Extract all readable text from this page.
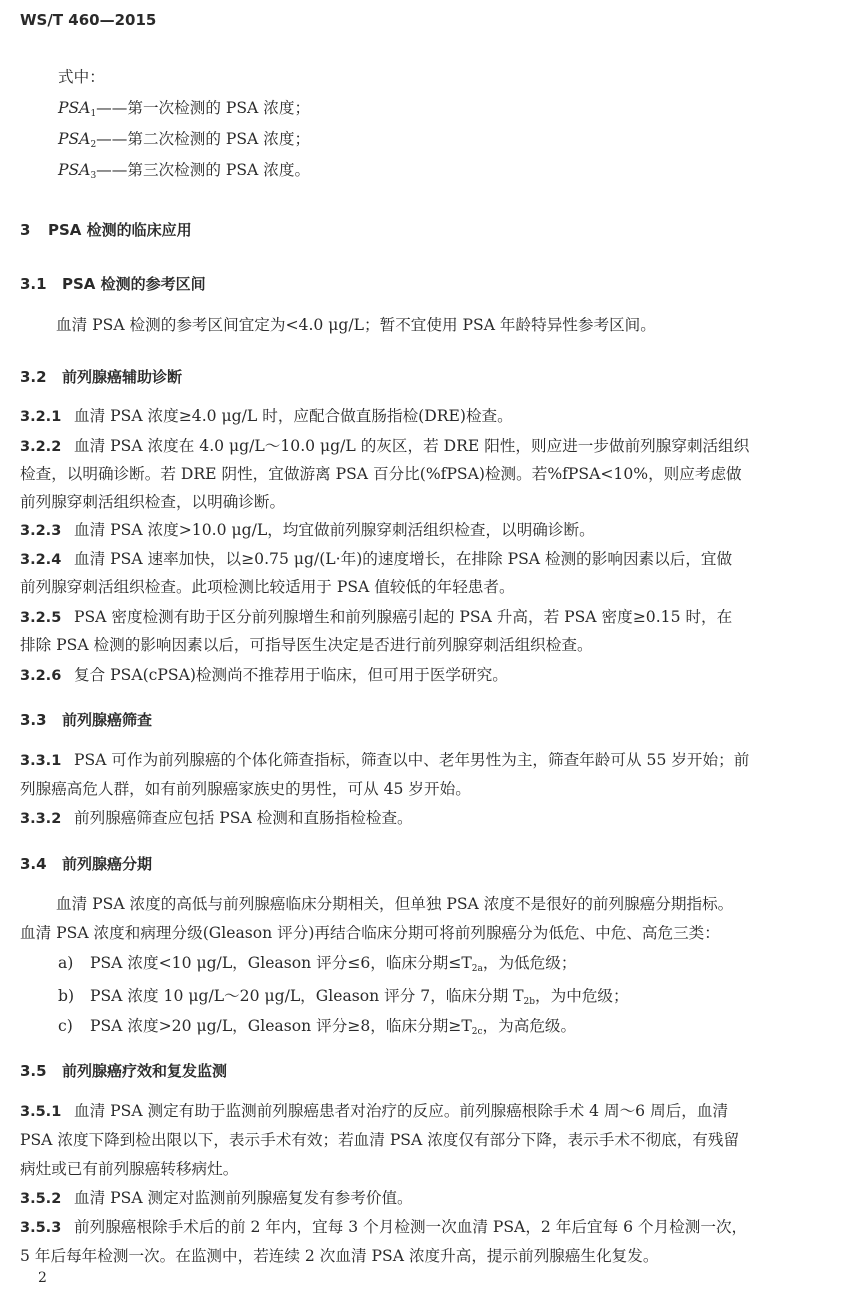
WS/T 460—2015
式中：
PSA1——第一次检测的 PSA 浓度；
PSA2——第二次检测的 PSA 浓度；
PSA3——第三次检测的 PSA 浓度。
3 PSA 检测的临床应用
3.1 PSA 检测的参考区间
血清 PSA 检测的参考区间宜定为<4.0 μg/L；暂不宜使用 PSA 年龄特异性参考区间。
3.2 前列腺癌辅助诊断
3.2.1 血清 PSA 浓度≥4.0 μg/L 时，应配合做直肠指检(DRE)检查。
3.2.2 血清 PSA 浓度在 4.0 μg/L～10.0 μg/L 的灰区，若 DRE 阳性，则应进一步做前列腺穿刺活组织
检查，以明确诊断。若 DRE 阴性，宜做游离 PSA 百分比(%fPSA)检测。若%fPSA<10%，则应考虑做
前列腺穿刺活组织检查，以明确诊断。
3.2.3 血清 PSA 浓度>10.0 μg/L，均宜做前列腺穿刺活组织检查，以明确诊断。
3.2.4 血清 PSA 速率加快，以≥0.75 μg/(L·年)的速度增长，在排除 PSA 检测的影响因素以后，宜做
前列腺穿刺活组织检查。此项检测比较适用于 PSA 值较低的年轻患者。
3.2.5 PSA 密度检测有助于区分前列腺增生和前列腺癌引起的 PSA 升高，若 PSA 密度≥0.15 时，在
排除 PSA 检测的影响因素以后，可指导医生决定是否进行前列腺穿刺活组织检查。
3.2.6 复合 PSA(cPSA)检测尚不推荐用于临床，但可用于医学研究。
3.3 前列腺癌筛查
3.3.1 PSA 可作为前列腺癌的个体化筛查指标，筛查以中、老年男性为主，筛查年龄可从 55 岁开始；前
列腺癌高危人群，如有前列腺癌家族史的男性，可从 45 岁开始。
3.3.2 前列腺癌筛查应包括 PSA 检测和直肠指检检查。
3.4 前列腺癌分期
血清 PSA 浓度的高低与前列腺癌临床分期相关，但单独 PSA 浓度不是很好的前列腺癌分期指标。
血清 PSA 浓度和病理分级(Gleason 评分)再结合临床分期可将前列腺癌分为低危、中危、高危三类：
a) PSA 浓度<10 μg/L，Gleason 评分≤6，临床分期≤T2a，为低危级；
b) PSA 浓度 10 μg/L～20 μg/L，Gleason 评分 7，临床分期 T2b，为中危级；
c) PSA 浓度>20 μg/L，Gleason 评分≥8，临床分期≥T2c，为高危级。
3.5 前列腺癌疗效和复发监测
3.5.1 血清 PSA 测定有助于监测前列腺癌患者对治疗的反应。前列腺癌根除手术 4 周～6 周后，血清
PSA 浓度下降到检出限以下，表示手术有效；若血清 PSA 浓度仅有部分下降，表示手术不彻底，有残留
病灶或已有前列腺癌转移病灶。
3.5.2 血清 PSA 测定对监测前列腺癌复发有参考价值。
3.5.3 前列腺癌根除手术后的前 2 年内，宜每 3 个月检测一次血清 PSA，2 年后宜每 6 个月检测一次，
5 年后每年检测一次。在监测中，若连续 2 次血清 PSA 浓度升高，提示前列腺癌生化复发。
2
